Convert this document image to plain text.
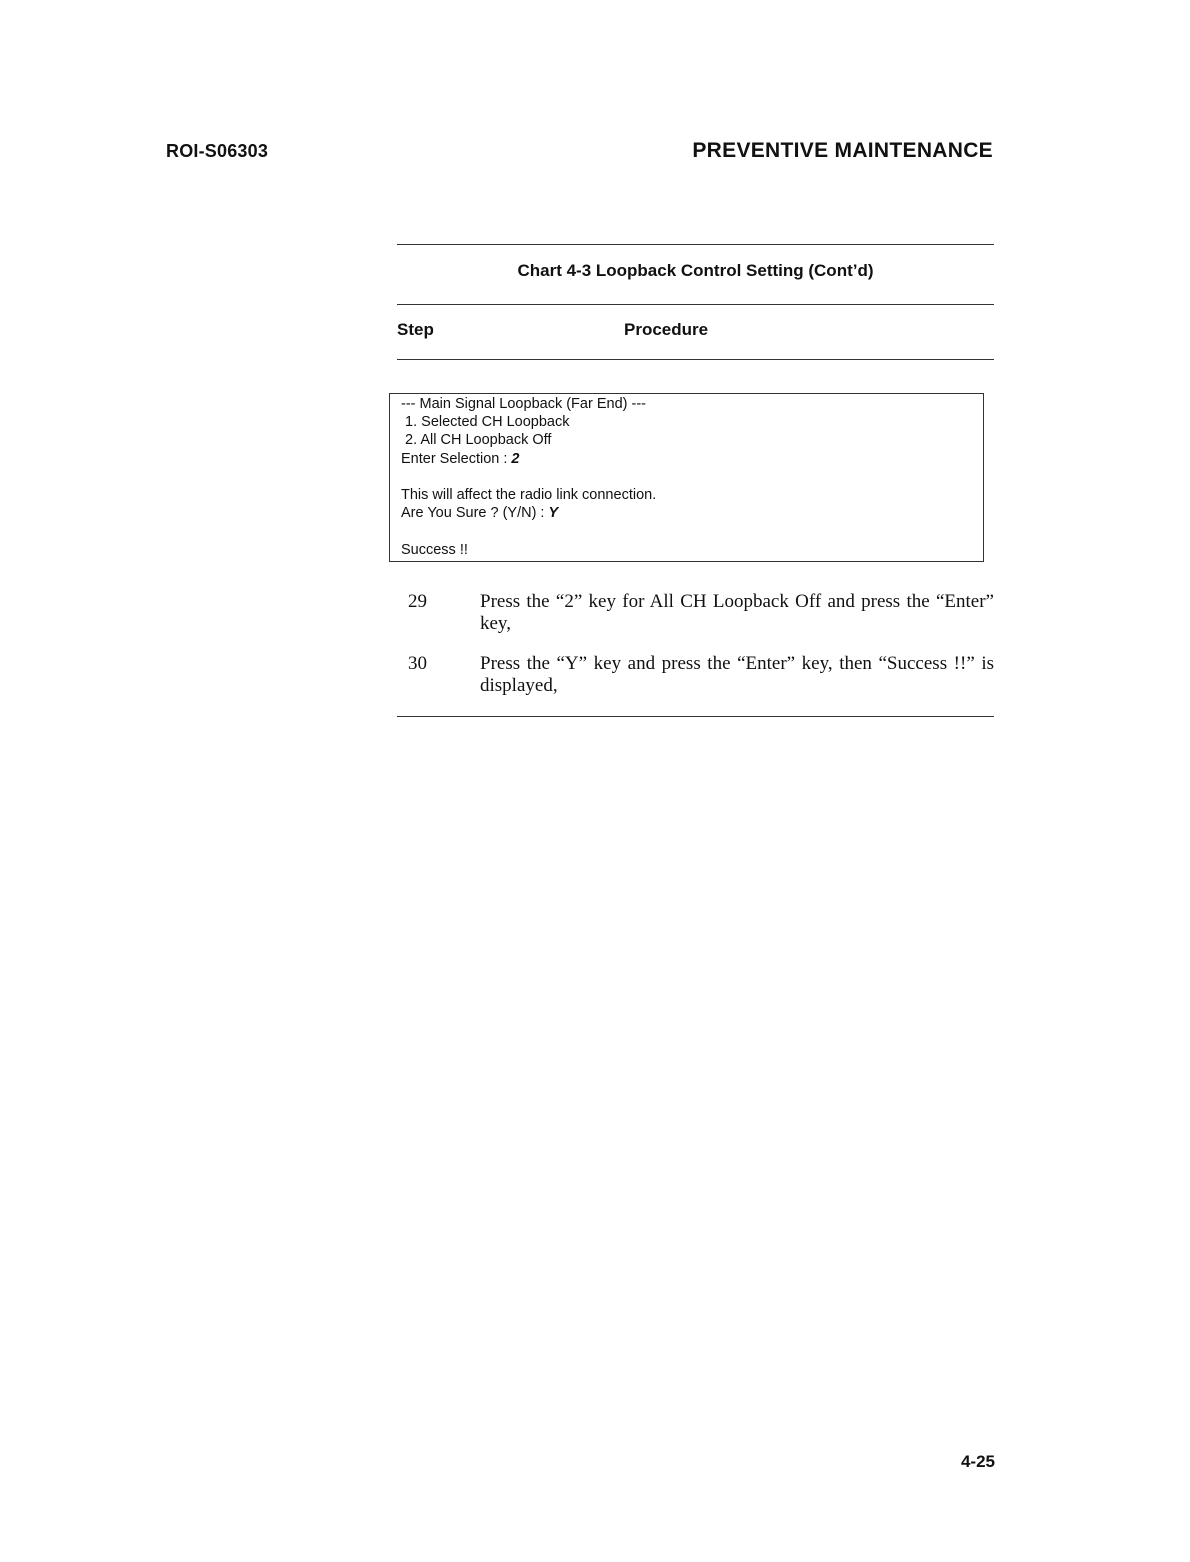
ROI-S06303	PREVENTIVE MAINTENANCE
Chart 4-3 Loopback Control Setting (Cont’d)
Step	Procedure
--- Main Signal Loopback (Far End) ---
1. Selected CH Loopback
2. All CH Loopback Off
Enter Selection : 2
This will affect the radio link connection.
Are You Sure ? (Y/N) : Y
Success !!
29	Press the “2” key for All CH Loopback Off and press the “Enter” key,
30	Press the “Y” key and press the “Enter” key, then “Success !!” is displayed,
4-25
